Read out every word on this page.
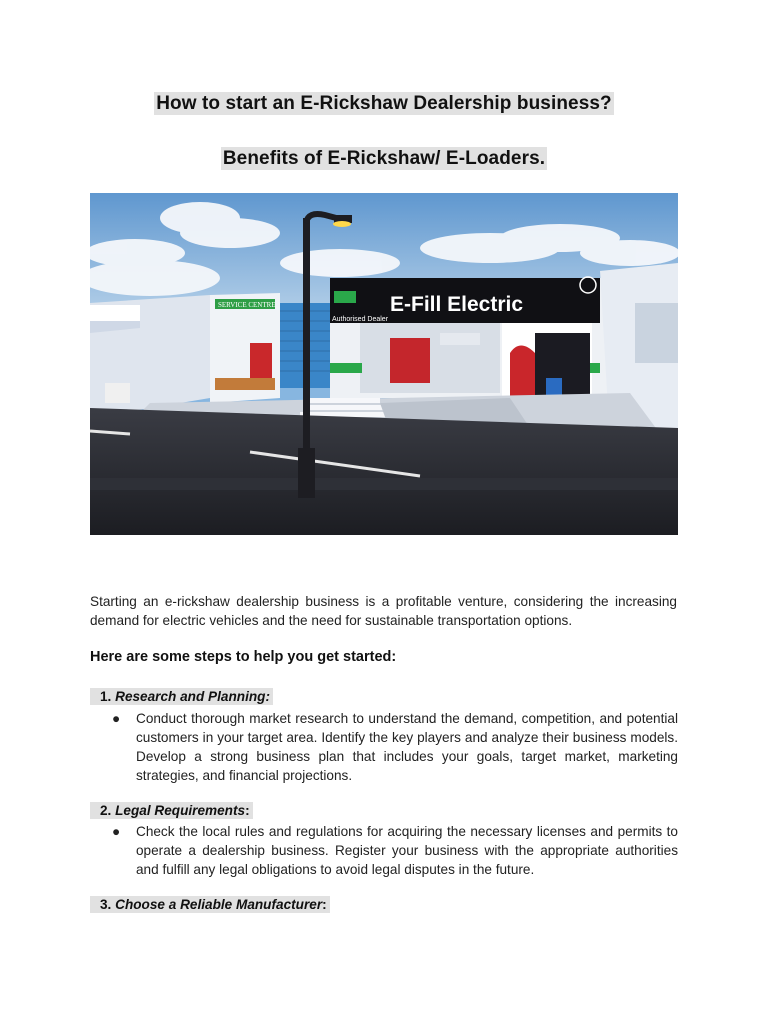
How to start an E-Rickshaw Dealership business?
Benefits of E-Rickshaw/ E-Loaders.
SERVICE CENTRE
Authorised Dealer
E-Fill Electric
STATION
Starting an e-rickshaw dealership business is a profitable venture, considering the increasing demand for electric vehicles and the need for sustainable transportation options.
Here are some steps to help you get started:
1. Research and Planning:
●	Conduct thorough market research to understand the demand, competition, and potential customers in your target area. Identify the key players and analyze their business models. Develop a strong business plan that includes your goals, target market, marketing strategies, and financial projections.
2. Legal Requirements:
●	Check the local rules and regulations for acquiring the necessary licenses and permits to operate a dealership business. Register your business with the appropriate authorities and fulfill any legal obligations to avoid legal disputes in the future.
3. Choose a Reliable Manufacturer:
